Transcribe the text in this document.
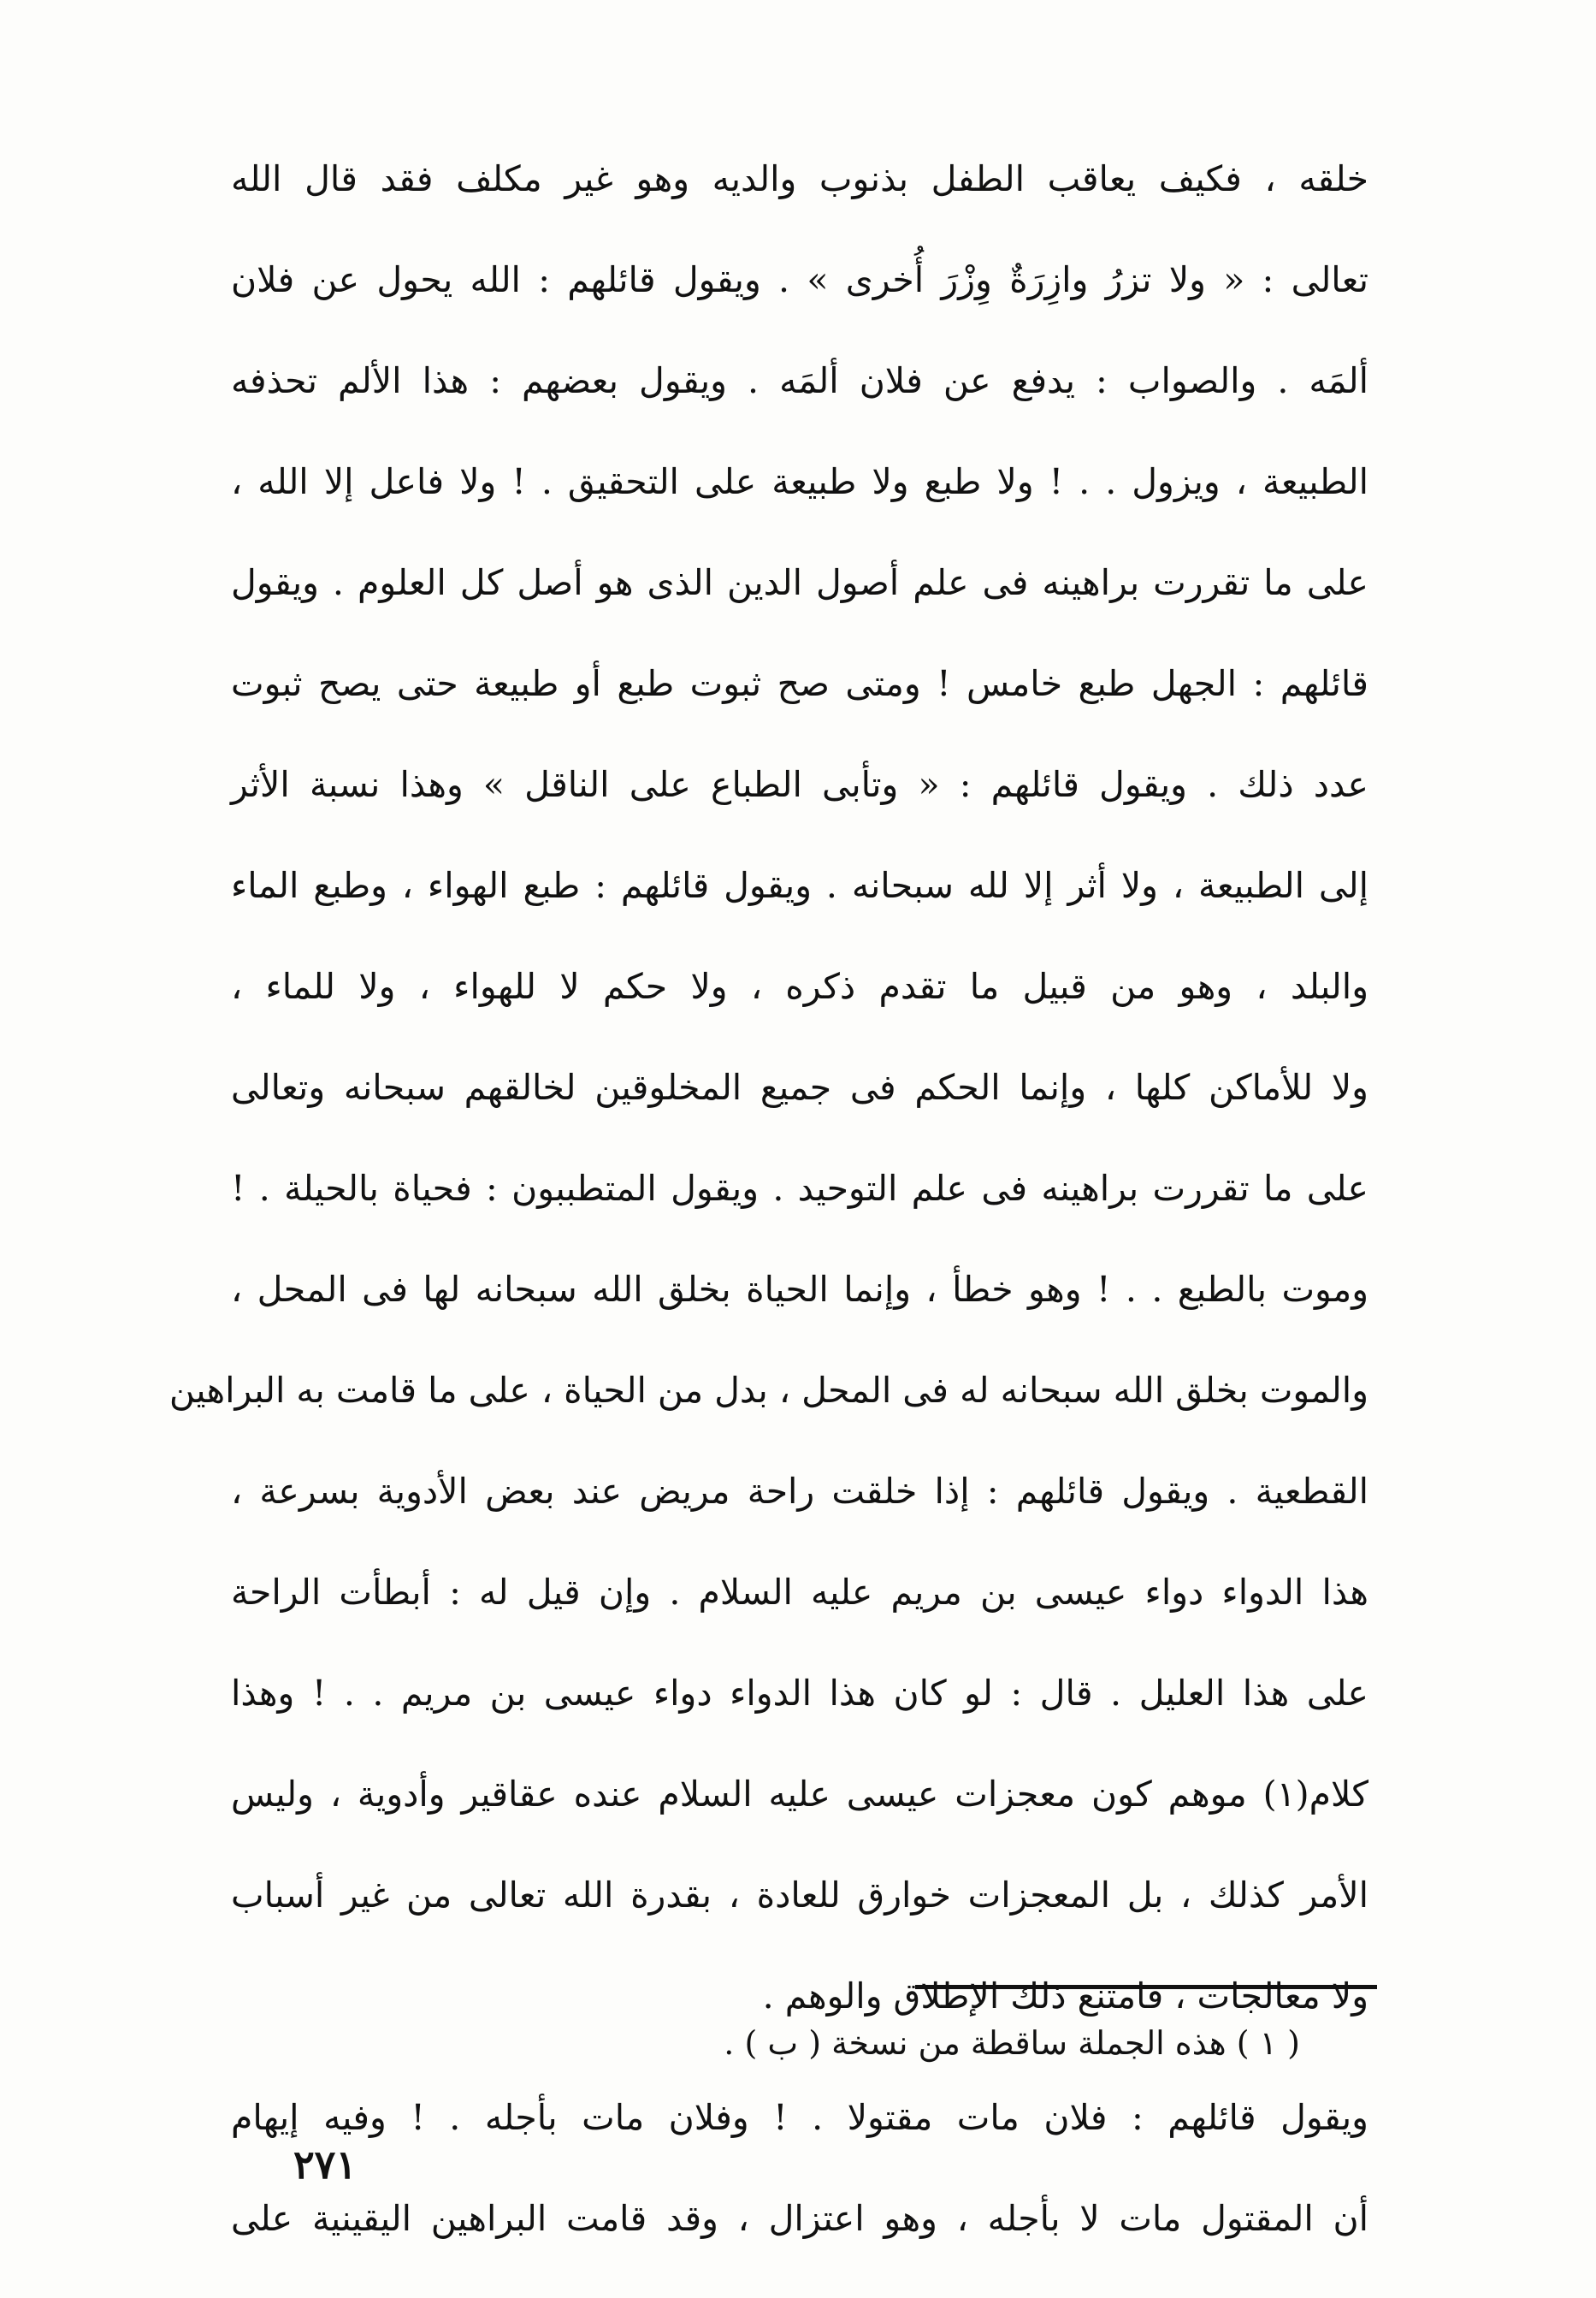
خلقه ، فكيف يعاقب الطفل بذنوب والديه وهو غير مكلف فقد قال الله
تعالى : « ولا تزرُ وازِرَةٌ وِزْرَ أُخرى » . ويقول قائلهم : الله يحول عن فلان
ألمَه . والصواب : يدفع عن فلان ألمَه . ويقول بعضهم : هذا الألم تحذفه
الطبيعة ، ويزول . . ! ولا طبع ولا طبيعة على التحقيق . ! ولا فاعل إلا الله ،
على ما تقررت براهينه فى علم أصول الدين الذى هو أصل كل العلوم . ويقول
قائلهم : الجهل طبع خامس ! ومتى صح ثبوت طبع أو طبيعة حتى يصح ثبوت
عدد ذلك . ويقول قائلهم : « وتأبى الطباع على الناقل » وهذا نسبة الأثر
إلى الطبيعة ، ولا أثر إلا لله سبحانه . ويقول قائلهم : طبع الهواء ، وطبع الماء
والبلد ، وهو من قبيل ما تقدم ذكره ، ولا حكم لا للهواء ، ولا للماء ،
ولا للأماكن كلها ، وإنما الحكم فى جميع المخلوقين لخالقهم سبحانه وتعالى
على ما تقررت براهينه فى علم التوحيد . ويقول المتطببون : فحياة بالحيلة . !
وموت بالطبع . . ! وهو خطأ ، وإنما الحياة بخلق الله سبحانه لها فى المحل ،
والموت بخلق الله سبحانه له فى المحل ، بدل من الحياة ، على ما قامت به البراهين
القطعية . ويقول قائلهم : إذا خلقت راحة مريض عند بعض الأدوية بسرعة ،
هذا الدواء دواء عيسى بن مريم عليه السلام . وإن قيل له : أبطأت الراحة
على هذا العليل . قال : لو كان هذا الدواء دواء عيسى بن مريم . . ! وهذا
كلام(١) موهم كون معجزات عيسى عليه السلام عنده عقاقير وأدوية ، وليس
الأمر كذلك ، بل المعجزات خوارق للعادة ، بقدرة الله تعالى من غير أسباب
ولا معالجات ، فامتنع ذلك الإطلاق والوهم .
ويقول قائلهم : فلان مات مقتولا . ! وفلان مات بأجله . ! وفيه إيهام
أن المقتول مات لا بأجله ، وهو اعتزال ، وقد قامت البراهين اليقينية على
( ١ ) هذه الجملة ساقطة من نسخة ( ب ) .
٢٧١
